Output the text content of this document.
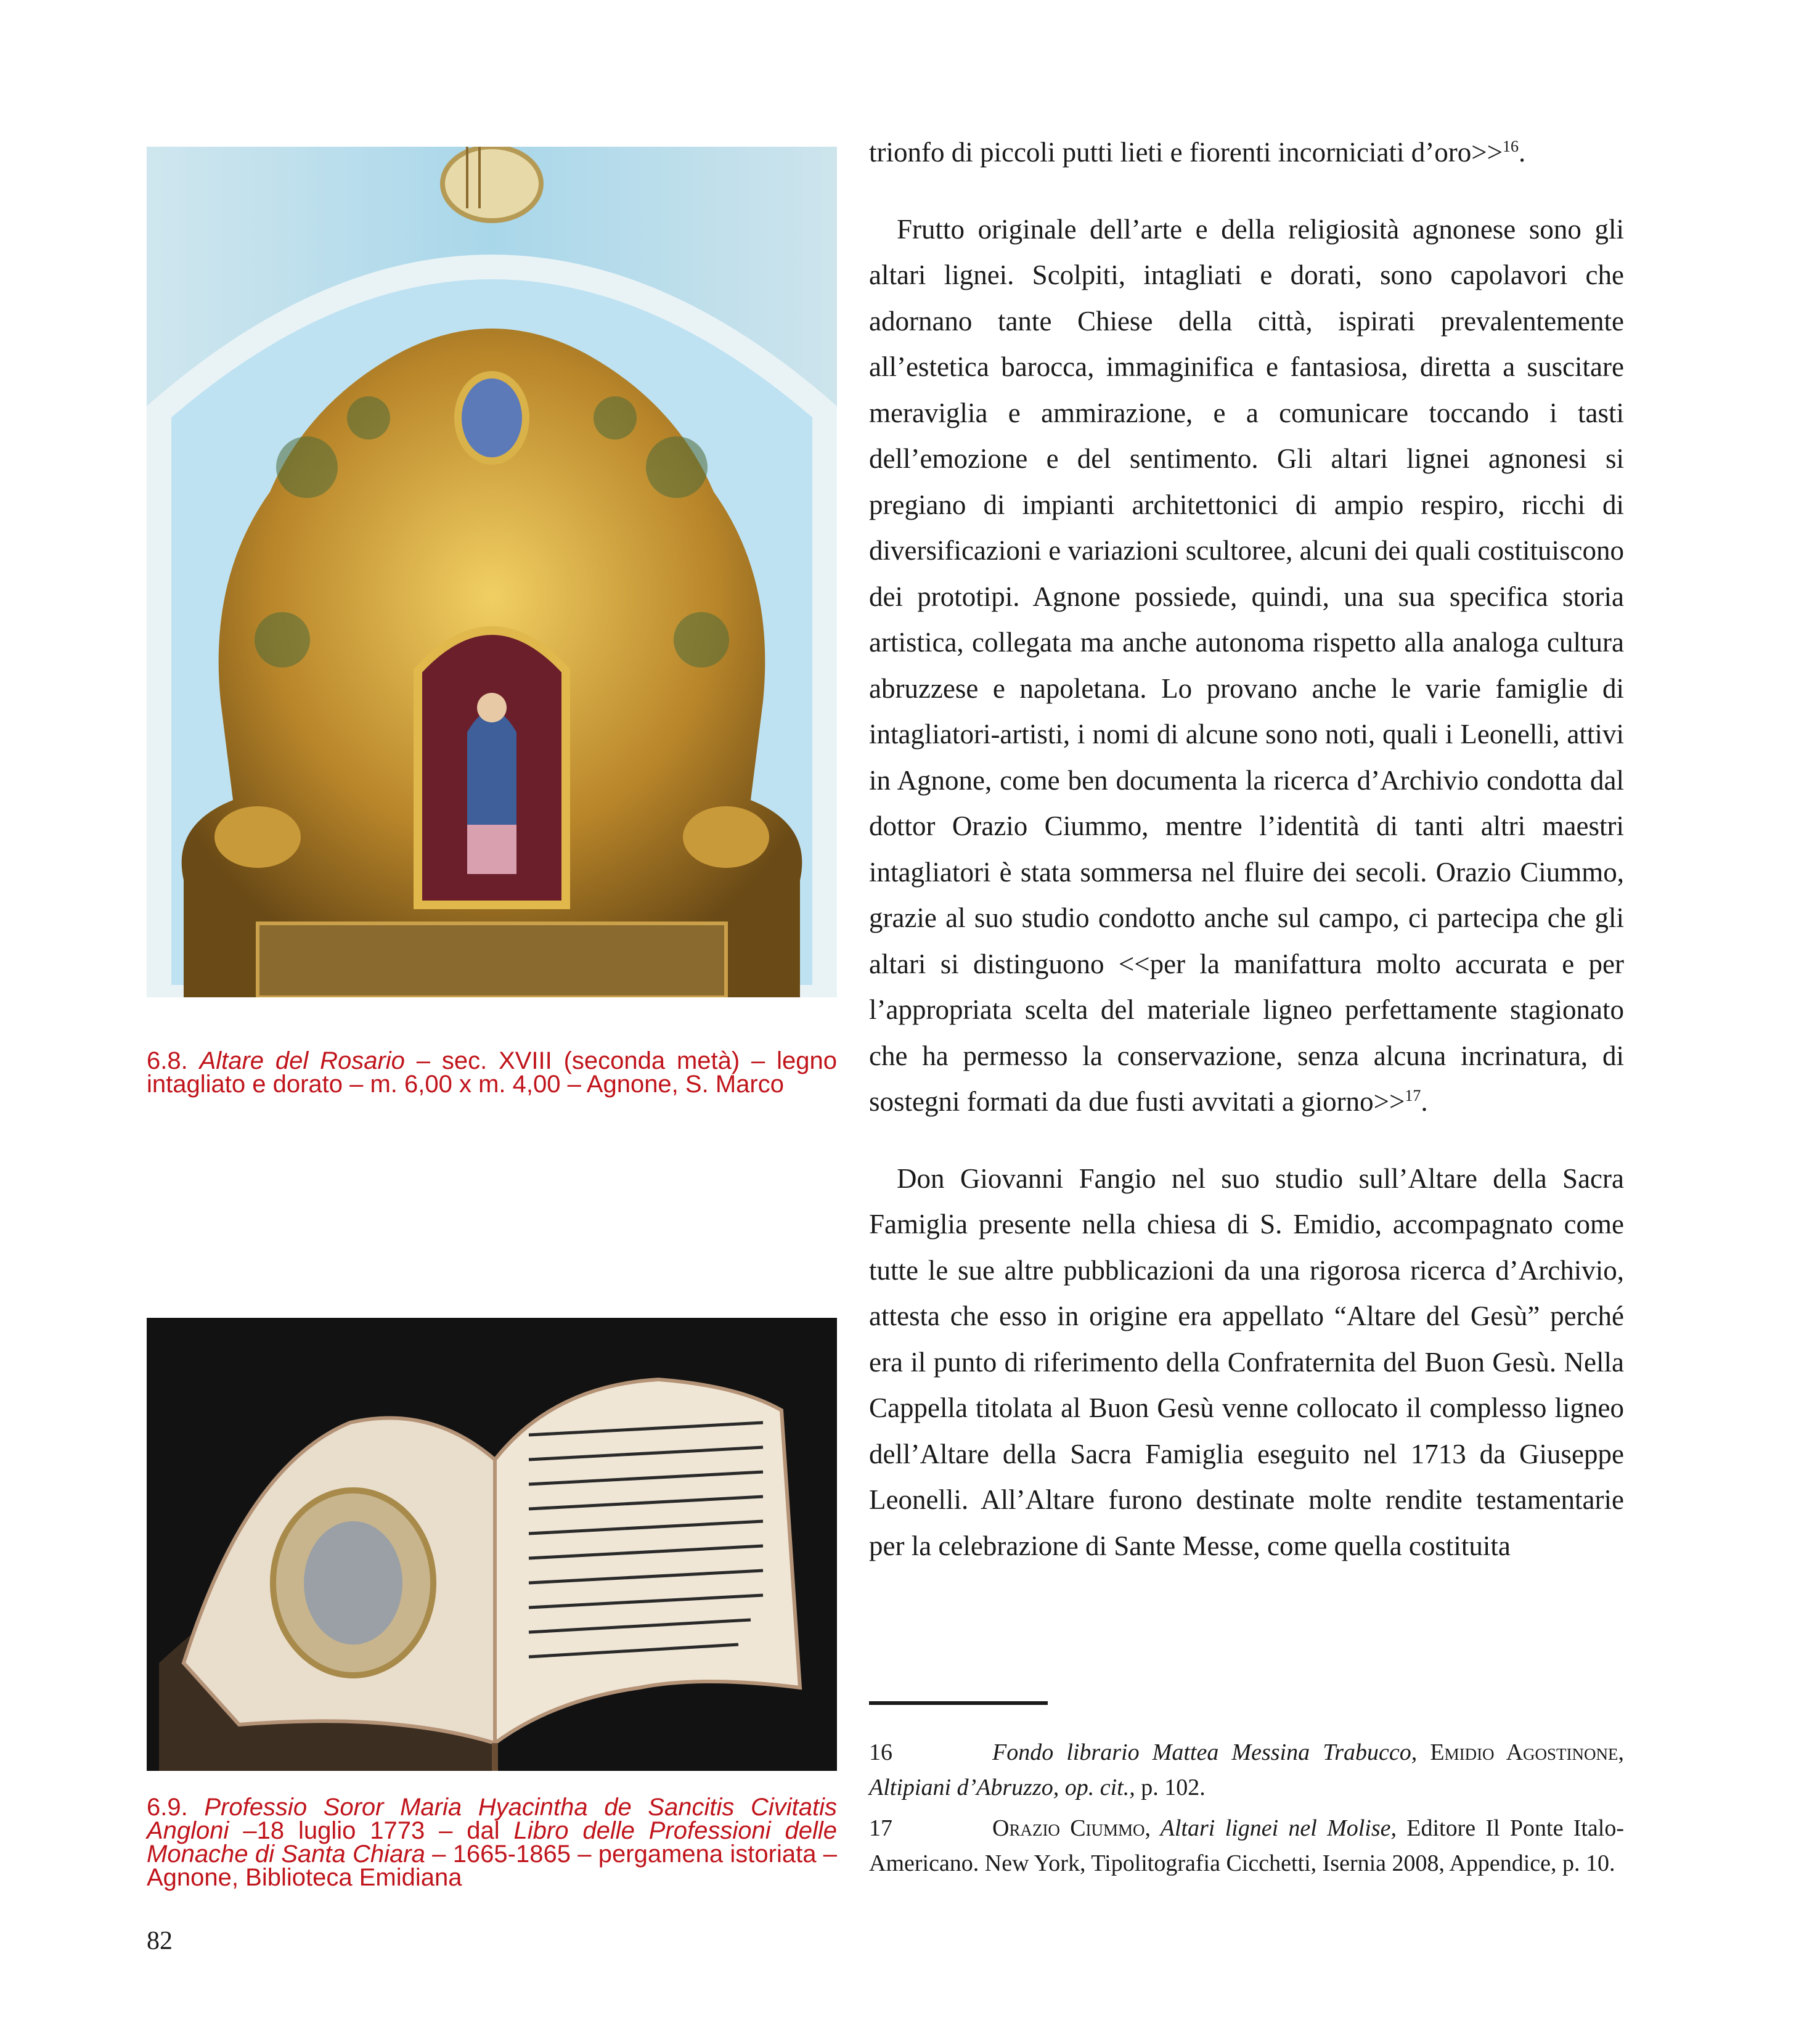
6.8. Altare del Rosario – sec. XVIII (seconda metà) – legno intagliato e dorato – m. 6,00 x m. 4,00 – Agnone, S. Marco
6.9. Professio Soror Maria Hyacintha de Sancitis Civitatis Angloni –18 luglio 1773 – dal Libro delle Professioni delle Monache di Santa Chiara – 1665-1865 – pergamena istoriata – Agnone, Biblioteca Emidiana

trionfo di piccoli putti lieti e fiorenti incorniciati d’oro>>$^{16}$.

Frutto originale dell’arte e della religiosità agnonese sono gli altari lignei. Scolpiti, intagliati e dorati, sono capolavori che adornano tante Chiese della città, ispirati prevalentemente all’estetica barocca, immaginifica e fantasiosa, diretta a suscitare meraviglia e ammirazione, e a comunicare toccando i tasti dell’emozione e del sentimento. Gli altari lignei agnonesi si pregiano di impianti architettonici di ampio respiro, ricchi di diversificazioni e variazioni scultoree, alcuni dei quali costituiscono dei prototipi. Agnone possiede, quindi, una sua specifica storia artistica, collegata ma anche autonoma rispetto alla analoga cultura abruzzese e napoletana. Lo provano anche le varie famiglie di intagliatori-artisti, i nomi di alcune sono noti, quali i Leonelli, attivi in Agnone, come ben documenta la ricerca d’Archivio condotta dal dottor Orazio Ciummo, mentre l’identità di tanti altri maestri intagliatori è stata sommersa nel fluire dei secoli. Orazio Ciummo, grazie al suo studio condotto anche sul campo, ci partecipa che gli altari si distinguono <<per la manifattura molto accurata e per l’appropriata scelta del materiale ligneo perfettamente stagionato che ha permesso la conservazione, senza alcuna incrinatura, di sostegni formati da due fusti avvitati a giorno>>$^{17}$.

Don Giovanni Fangio nel suo studio sull’Altare della Sacra Famiglia presente nella chiesa di S. Emidio, accompagnato come tutte le sue altre pubblicazioni da una rigorosa ricerca d’Archivio, attesta che esso in origine era appellato “Altare del Gesù” perché era il punto di riferimento della Confraternita del Buon Gesù. Nella Cappella titolata al Buon Gesù venne collocato il complesso ligneo dell’Altare della Sacra Famiglia eseguito nel 1713 da Giuseppe Leonelli. All’Altare furono destinate molte rendite testamentarie per la celebrazione di Sante Messe, come quella costituita

16	Fondo librario Mattea Messina Trabucco, Emidio Agostinone, Altipiani d’Abruzzo, op. cit., p. 102.
17	Orazio Ciummo, Altari lignei nel Molise, Editore Il Ponte Italo-Americano. New York, Tipolitografia Cicchetti, Isernia 2008, Appendice, p. 10.
82
